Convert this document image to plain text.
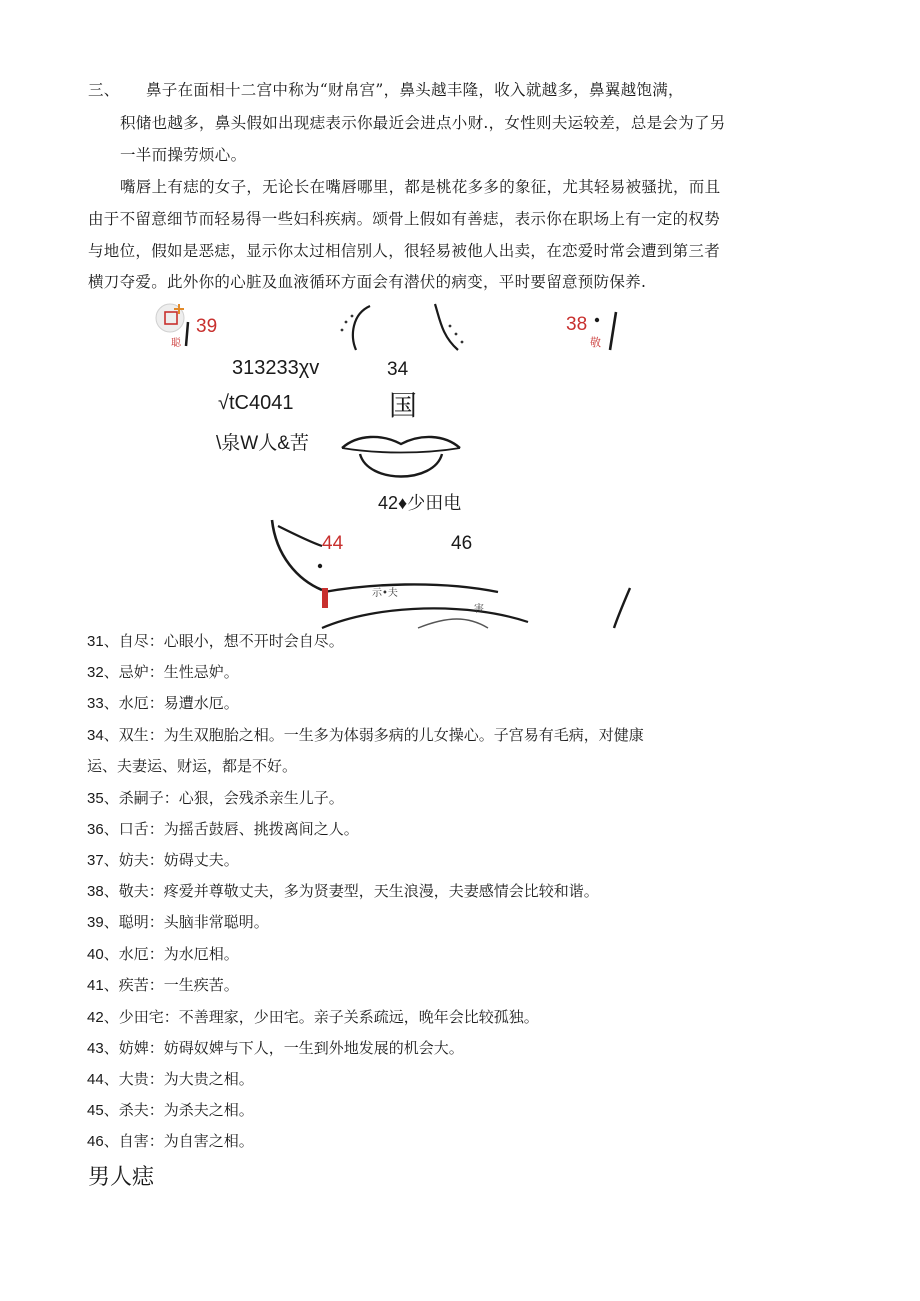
三、 鼻子在面相十二宫中称为“财帛宫”，鼻头越丰隆，收入就越多，鼻翼越饱满，
积储也越多，鼻头假如出现痣表示你最近会进点小财.，女性则夫运较差，总是会为了另
一半而操劳烦心。
嘴唇上有痣的女子，无论长在嘴唇哪里，都是桃花多多的象征，尤其轻易被骚扰，而且
由于不留意细节而轻易得一些妇科疾病。颂骨上假如有善痣，表示你在职场上有一定的权势
与地位，假如是恶痣，显示你太过相信别人，很轻易被他人出卖，在恋爱时常会遭到第三者
横刀夺爱。此外你的心脏及血液循环方面会有潜伏的病变，平时要留意预防保养.
聪
39	38
敬
313233χv	34
√tC4041	国
\泉W人&苦
42♦少田电
示•夫
害
44	46
31、自尽：心眼小，想不开时会自尽。
32、忌妒：生性忌妒。
33、水厄：易遭水厄。
34、双生：为生双胞胎之相。一生多为体弱多病的儿女操心。子宫易有毛病，对健康
运、夫妻运、财运，都是不好。
35、杀嗣子：心狠，会残杀亲生儿子。
36、口舌：为摇舌鼓唇、挑拨离间之人。
37、妨夫：妨碍丈夫。
38、敬夫：疼爱并尊敬丈夫，多为贤妻型，天生浪漫，夫妻感情会比较和谐。
39、聪明：头脑非常聪明。
40、水厄：为水厄相。
41、疾苦：一生疾苦。
42、少田宅：不善理家，少田宅。亲子关系疏远，晚年会比较孤独。
43、妨婢：妨碍奴婢与下人，一生到外地发展的机会大。
44、大贵：为大贵之相。
45、杀夫：为杀夫之相。
46、自害：为自害之相。
男人痣
